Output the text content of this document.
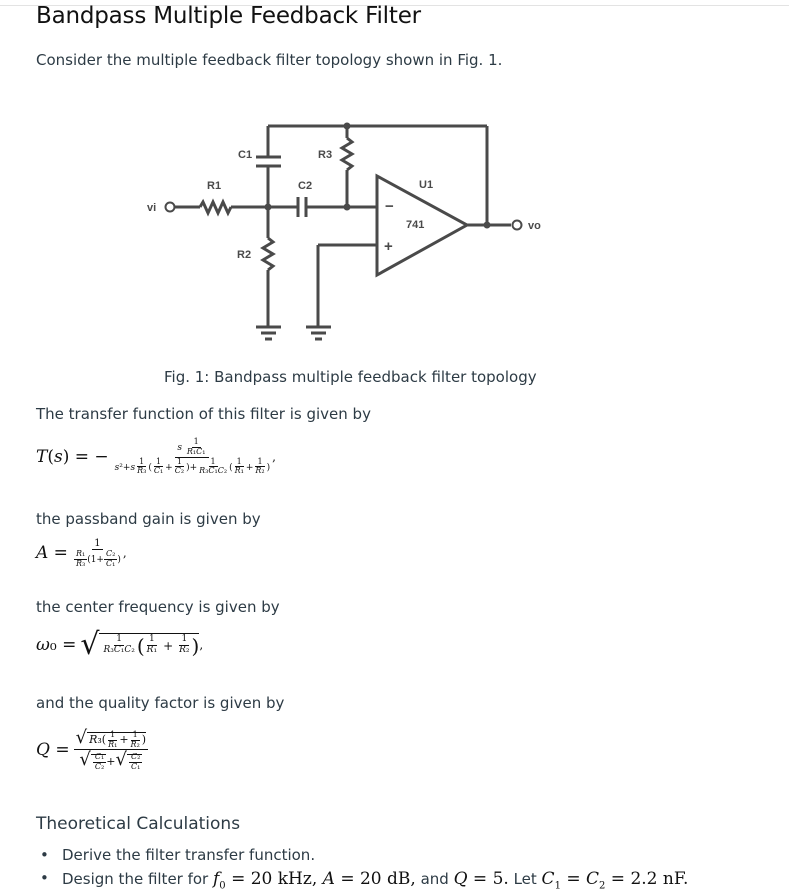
Bandpass Multiple Feedback Filter

Consider the multiple feedback filter topology shown in Fig. 1.

vi
vo
R1
R2
R3
C1
C2	U1
741
−
+
Fig. 1: Bandpass multiple feedback filter topology

The transfer function of this filter is given by

T(s) = − $\frac{s \frac{1}{\text{R₁C₁}}}{s^2+s \frac{1}{\text{R₃}} ( \frac{1}{\text{C₁}} + \frac{1}{\text{C₂}} )+ \frac{1}{\text{R₃C₁C₂}} ( \frac{1}{\text{R₁}} + \frac{1}{\text{R₂}} )}$ ,

the passband gain is given by

$A = \frac{1}{\frac{\text{R₁}}{\text{R₃}} (1+ \frac{\text{C₂}}{\text{C₁}} )}$ ,

the center frequency is given by

ω₀ = √ $\frac{1}{\text{R₃C₁C₂}}$ ( $\frac{1}{\text{R₁}} + \frac{1}{\text{R₂}}$ ) ,

and the quality factor is given by

$Q = \frac{√ R_3( \frac{1}{\text{R₁}} + \frac{1}{\text{R₂}} )}{√ \frac{\text{C₁}}{\text{C₂}} +√ \frac{\text{C₂}}{\text{C₁}}}$
Theoretical Calculations
• Derive the filter transfer function.
• Design the filter for $f_0 = 20$ kHz, A = 20 dB, and Q = 5. Let $C_1 = C_2 = 2.2$ nF.
